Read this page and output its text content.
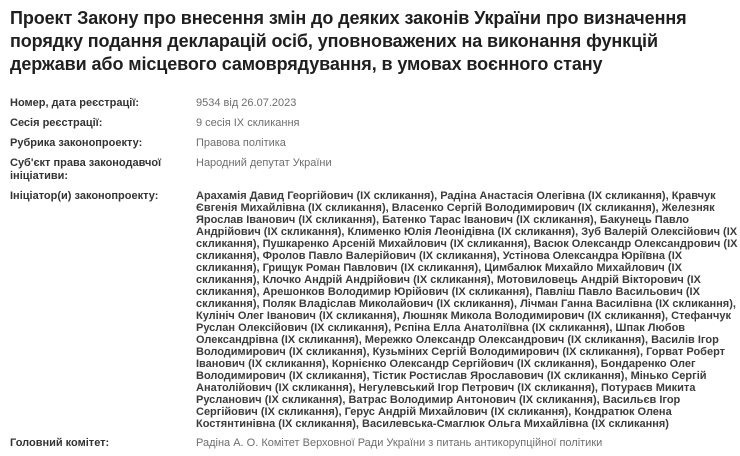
Проект Закону про внесення змін до деяких законів України про визначення порядку подання декларацій осіб, уповноважених на виконання функцій держави або місцевого самоврядування, в умовах воєнного стану
Номер, дата реєстрації:	9534 від 26.07.2023
Сесія реєстрації:	9 сесія IX скликання
Рубрика законопроекту:	Правова політика
Суб'єкт права законодавчої ініціативи:
Народний депутат України
Ініціатор(и) законопроекту:	Арахамія Давид Георгійович (ІХ скликання), Радіна Анастасія Олегівна (ІХ скликання), Кравчук Євгенія Михайлівна (ІХ скликання), Власенко Сергій Володимирович (ІХ скликання), Железняк Ярослав Іванович (ІХ скликання), Батенко Тарас Іванович (ІХ скликання), Бакунець Павло Андрійович (ІХ скликання), Клименко Юлія Леонідівна (ІХ скликання), Зуб Валерій Олексійович (ІХ скликання), Пушкаренко Арсеній Михайлович (ІХ скликання), Васюк Олександр Олександрович (ІХ скликання), Фролов Павло Валерійович (ІХ скликання), Устінова Олександра Юріївна (ІХ скликання), Грищук Роман Павлович (ІХ скликання), Цимбалюк Михайло Михайлович (ІХ скликання), Клочко Андрій Андрійович (ІХ скликання), Мотовиловець Андрій Вікторович (ІХ скликання), Арешонков Володимир Юрійович (ІХ скликання), Павліш Павло Васильович (ІХ скликання), Поляк Владіслав Миколайович (ІХ скликання), Лічман Ганна Василівна (ІХ скликання), Кулініч Олег Іванович (ІХ скликання), Люшняк Микола Володимирович (ІХ скликання), Стефанчук Руслан Олексійович (ІХ скликання), Рєпіна Елла Анатоліївна (ІХ скликання), Шпак Любов Олександрівна (ІХ скликання), Мережко Олександр Олександрович (ІХ скликання), Василів Ігор Володимирович (ІХ скликання), Кузьміних Сергій Володимирович (ІХ скликання), Горват Роберт Іванович (ІХ скликання), Корнієнко Олександр Сергійович (ІХ скликання), Бондаренко Олег Володимирович (ІХ скликання), Тістик Ростислав Ярославович (ІХ скликання), Мінько Сергій Анатолійович (ІХ скликання), Негулевський Ігор Петрович (ІХ скликання), Потураєв Микита Русланович (ІХ скликання), Ватрас Володимир Антонович (ІХ скликання), Васильєв Ігор Сергійович (ІХ скликання), Герус Андрій Михайлович (ІХ скликання), Кондратюк Олена Костянтинівна (ІХ скликання), Василевська-Смаглюк Ольга Михайлівна (ІХ скликання)
Головний комітет:	Радіна А. О. Комітет Верховної Ради України з питань антикорупційної політики
